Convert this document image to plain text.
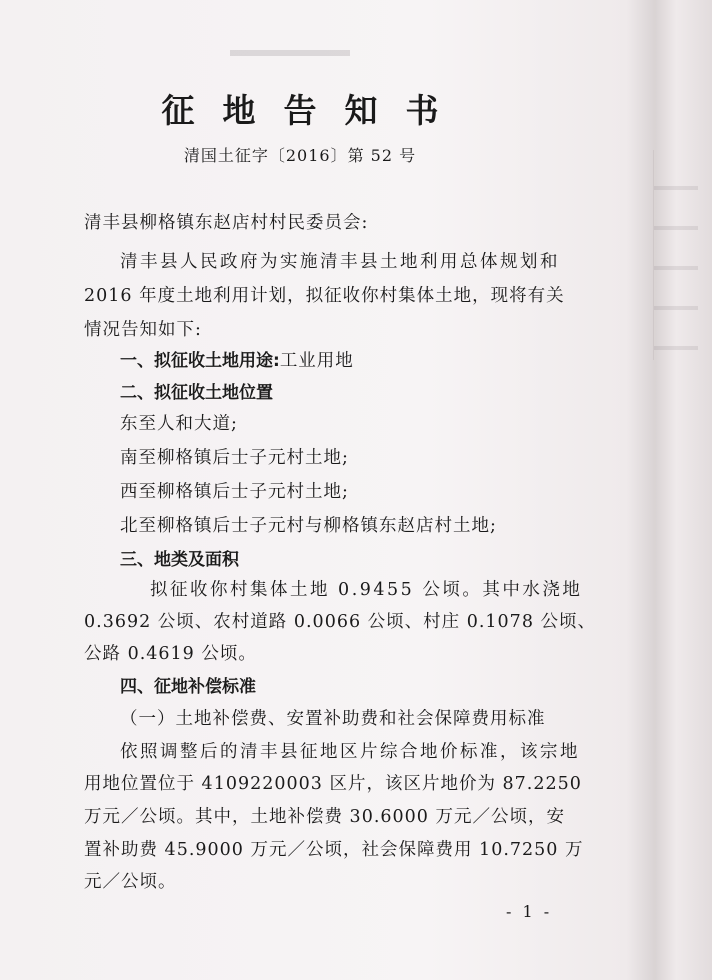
征地告知书
清国土征字〔2016〕第 52 号
清丰县柳格镇东赵店村村民委员会:
清丰县人民政府为实施清丰县土地利用总体规划和
2016 年度土地利用计划，拟征收你村集体土地，现将有关
情况告知如下:
一、拟征收土地用途:工业用地
二、拟征收土地位置
东至人和大道;
南至柳格镇后士子元村土地;
西至柳格镇后士子元村土地;
北至柳格镇后士子元村与柳格镇东赵店村土地;
三、地类及面积
拟征收你村集体土地 0.9455 公顷。其中水浇地
0.3692 公顷、农村道路 0.0066 公顷、村庄 0.1078 公顷、
公路 0.4619 公顷。
四、征地补偿标准
（一）土地补偿费、安置补助费和社会保障费用标准
依照调整后的清丰县征地区片综合地价标准，该宗地
用地位置位于 4109220003 区片，该区片地价为 87.2250
万元／公顷。其中，土地补偿费 30.6000 万元／公顷，安
置补助费 45.9000 万元／公顷，社会保障费用 10.7250 万
元／公顷。
- 1 -
